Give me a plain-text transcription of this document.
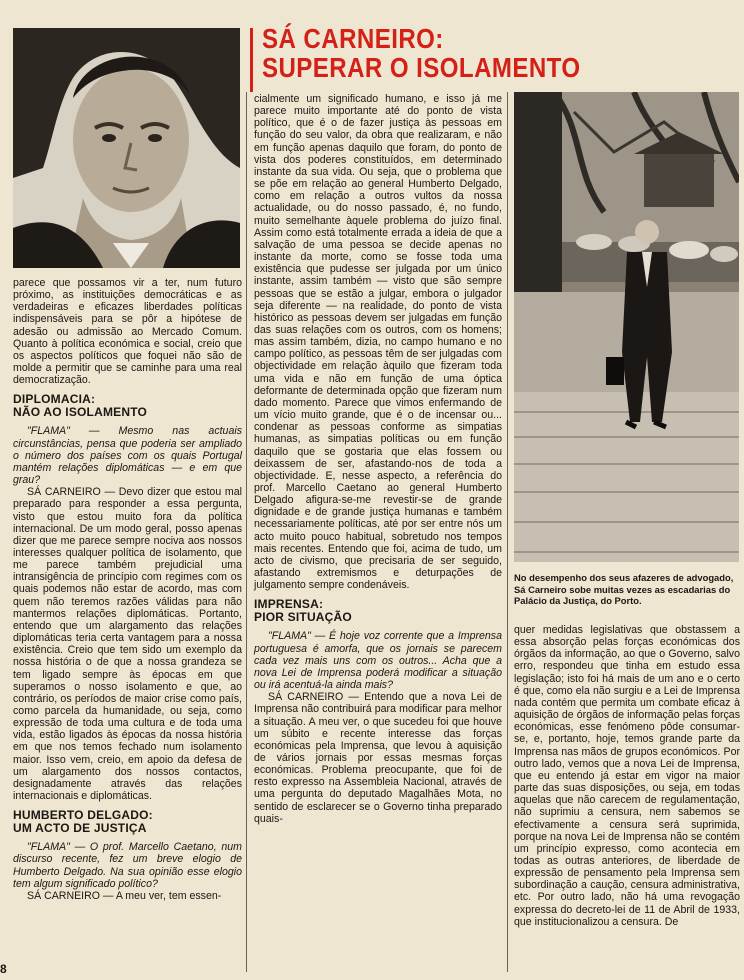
SÁ CARNEIRO:
SUPERAR O ISOLAMENTO
No desempenho dos seus afazeres de advogado, Sá Carneiro sobe muitas vezes as escadarias do Palácio da Justiça, do Porto.

parece que possamos vir a ter, num futuro próximo, as instituições democráticas e as verdadeiras e eficazes liberdades políticas indispensáveis para se pôr a hipótese de adesão ou admissão ao Mercado Comum. Quanto à política económica e social, creio que os aspectos políticos que foquei não são de molde a permitir que se caminhe para uma real democratização.

DIPLOMACIA:
NÃO AO ISOLAMENTO

"FLAMA" — Mesmo nas actuais circunstâncias, pensa que poderia ser ampliado o número dos países com os quais Portugal mantém relações diplomáticas — e em que grau?

SÁ CARNEIRO — Devo dizer que estou mal preparado para responder a essa pergunta, visto que estou muito fora da política internacional. De um modo geral, posso apenas dizer que me parece sempre nociva aos nossos interesses qualquer política de isolamento, que me parece também prejudicial uma intransigência de princípio com regimes com os quais podemos não estar de acordo, mas com quem não teremos razões válidas para não mantermos relações diplomáticas. Portanto, entendo que um alargamento das relações diplomáticas teria certa vantagem para a nossa existência. Creio que tem sido um exemplo da nossa história o de que a nossa grandeza se tem ligado sempre às épocas em que superamos o nosso isolamento e que, ao contrário, os períodos de maior crise como país, como parcela da humanidade, ou seja, como expressão de toda uma cultura e de toda uma vida, estão ligados às épocas da nossa história em que nos temos fechado num isolamento maior. Isso vem, creio, em apoio da defesa de um alargamento dos nossos contactos, designadamente através das relações internacionais e diplomáticas.

HUMBERTO DELGADO:
UM ACTO DE JUSTIÇA

"FLAMA" — O prof. Marcello Caetano, num discurso recente, fez um breve elogio de Humberto Delgado. Na sua opinião esse elogio tem algum significado político?

SÁ CARNEIRO — A meu ver, tem essen-

cialmente um significado humano, e isso já me parece muito importante até do ponto de vista político, que é o de fazer justiça às pessoas em função do seu valor, da obra que realizaram, e não em função apenas daquilo que foram, do ponto de vista dos poderes constituídos, em determinado instante da sua vida. Ou seja, que o problema que se põe em relação ao general Humberto Delgado, como em relação a outros vultos da nossa actualidade, ou do nosso passado, é, no fundo, muito semelhante àquele problema do juízo final. Assim como está totalmente errada a ideia de que a salvação de uma pessoa se decide apenas no instante da morte, como se fosse toda uma existência que pudesse ser julgada por um único instante, assim também — visto que são sempre pessoas que se estão a julgar, embora o julgador seja diferente — na realidade, do ponto de vista histórico as pessoas devem ser julgadas em função das suas relações com os outros, com os homens; mas assim também, dizia, no campo humano e no campo político, as pessoas têm de ser julgadas com objectividade em relação àquilo que fizeram toda uma vida e não em função de uma óptica deformante de determinada opção que fizeram num dado momento. Parece que vimos enfermando de um vício muito grande, que é o de incensar ou... condenar as pessoas conforme as simpatias humanas, as simpatias políticas ou em função daquilo que se gostaria que elas fossem ou deixassem de ser, afastando-nos de toda a objectividade. E, nesse aspecto, a referência do prof. Marcello Caetano ao general Humberto Delgado afigura-se-me revestir-se de grande dignidade e de grande justiça humanas e também necessariamente políticas, até por ser entre nós um acto muito pouco habitual, sobretudo nos tempos mais recentes. Entendo que foi, acima de tudo, um acto de civismo, que precisaria de ser seguido, afastando extremismos e deturpações de julgamento sempre condenáveis.

IMPRENSA:
PIOR SITUAÇÃO

"FLAMA" — É hoje voz corrente que a Imprensa portuguesa é amorfa, que os jornais se parecem cada vez mais uns com os outros... Acha que a nova Lei de Imprensa poderá modificar a situação ou irá acentuá-la ainda mais?

SÁ CARNEIRO — Entendo que a nova Lei de Imprensa não contribuirá para modificar para melhor a situação. A meu ver, o que sucedeu foi que houve um súbito e recente interesse das forças económicas pela Imprensa, que levou à aquisição de vários jornais por essas mesmas forças económicas. Problema preocupante, que foi de resto expresso na Assembleia Nacional, através de uma pergunta do deputado Magalhães Mota, no sentido de esclarecer se o Governo tinha preparado quais-

quer medidas legislativas que obstassem a essa absorção pelas forças económicas dos órgãos da informação, ao que o Governo, salvo erro, respondeu que tinha em estudo essa legislação; isto foi há mais de um ano e o certo é que, como ela não surgiu e a Lei de Imprensa nada contém que permita um combate eficaz à aquisição de órgãos de informação pelas forças económicas, esse fenómeno pôde consumar-se, e, portanto, hoje, temos grande parte da Imprensa nas mãos de grupos económicos. Por outro lado, vemos que a nova Lei de Imprensa, que eu entendo já estar em vigor na maior parte das suas disposições, ou seja, em todas aquelas que não carecem de regulamentação, não suprimiu a censura, nem sabemos se efectivamente a censura será suprimida, porque na nova Lei de Imprensa não se contém um princípio expresso, como acontecia em todas as outras anteriores, de liberdade de expressão de pensamento pela Imprensa sem subordinação a caução, censura administrativa, etc. Por outro lado, não há uma revogação expressa do decreto-lei de 11 de Abril de 1933, que institucionalizou a censura. De

8
